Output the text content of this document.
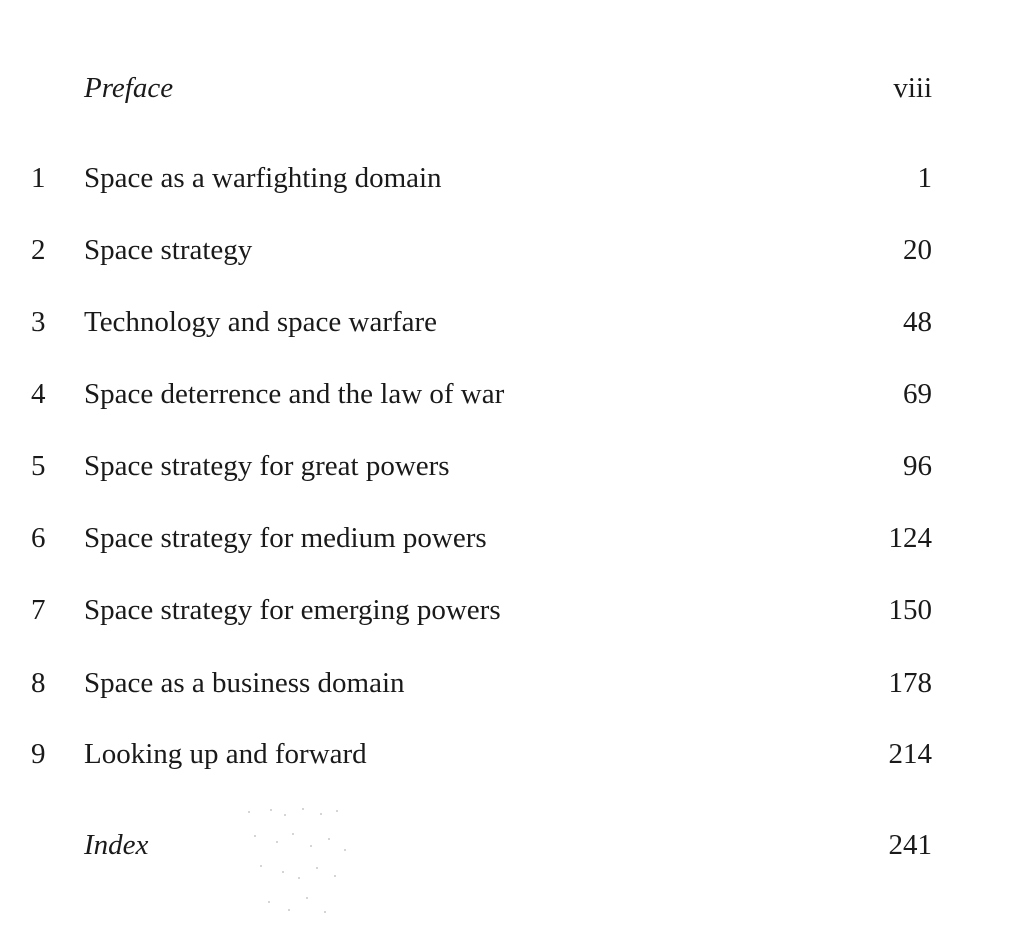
Preface	viii
1	Space as a warfighting domain	1
2	Space strategy	20
3	Technology and space warfare	48
4	Space deterrence and the law of war	69
5	Space strategy for great powers	96
6	Space strategy for medium powers	124
7	Space strategy for emerging powers	150
8	Space as a business domain	178
9	Looking up and forward	214
Index	241
